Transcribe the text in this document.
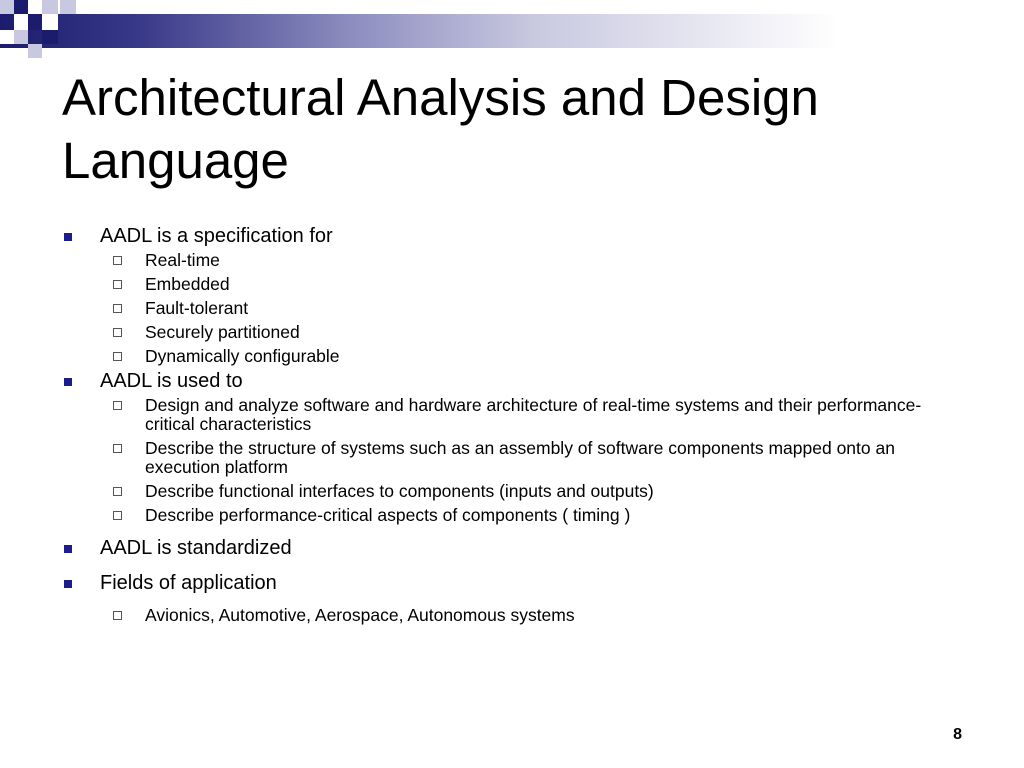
Architectural Analysis and Design Language
AADL is a specification for
Real-time
Embedded
Fault-tolerant
Securely partitioned
Dynamically configurable
AADL is used to
Design and analyze software and hardware architecture of real-time systems and their performance-critical characteristics
Describe the structure of systems such as an assembly of software components mapped onto an execution platform
Describe functional interfaces to components (inputs and outputs)
Describe performance-critical aspects of components ( timing )
AADL is standardized
Fields of application
Avionics, Automotive, Aerospace, Autonomous systems
8
